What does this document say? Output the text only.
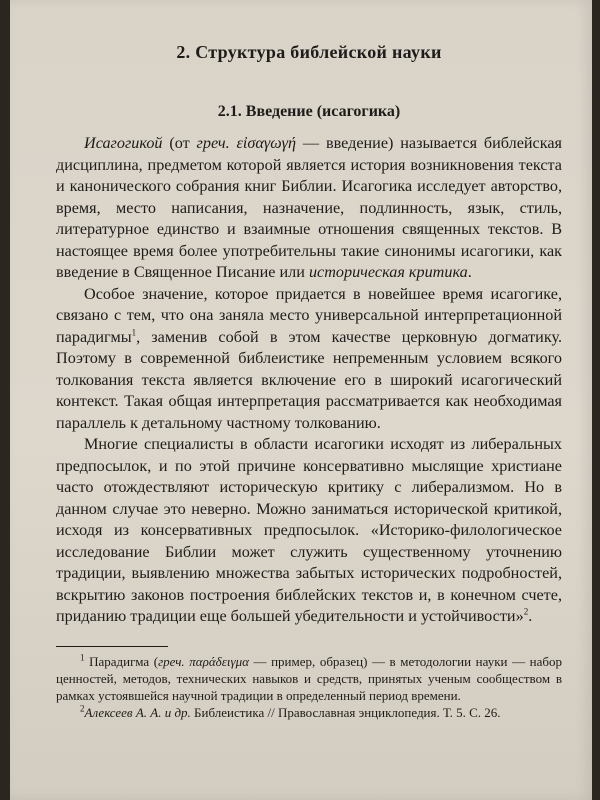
2. Структура библейской науки
2.1. Введение (исагогика)

Исагогикой (от греч. εἰσαγωγή — введение) называется библейская дисциплина, предметом которой является история возникновения текста и канонического собрания книг Библии. Исагогика исследует авторство, время, место написания, назначение, подлинность, язык, стиль, литературное единство и взаимные отношения священных текстов. В настоящее время более употребительны такие синонимы исагогики, как введение в Священное Писание или историческая критика.

Особое значение, которое придается в новейшее время исагогике, связано с тем, что она заняла место универсальной интерпретационной парадигмы$^1$, заменив собой в этом качестве церковную догматику. Поэтому в современной библеистике непременным условием всякого толкования текста является включение его в широкий исагогический контекст. Такая общая интерпретация рассматривается как необходимая параллель к детальному частному толкованию.

Многие специалисты в области исагогики исходят из либеральных предпосылок, и по этой причине консервативно мыслящие христиане часто отождествляют историческую критику с либерализмом. Но в данном случае это неверно. Можно заниматься исторической критикой, исходя из консервативных предпосылок. «Историко-филологическое исследование Библии может служить существенному уточнению традиции, выявлению множества забытых исторических подробностей, вскрытию законов построения библейских текстов и, в конечном счете, приданию традиции еще большей убедительности и устойчивости»$^2$.

$^1$ Парадигма (греч. παράδειγμα — пример, образец) — в методологии науки — набор ценностей, методов, технических навыков и средств, принятых ученым сообществом в рамках устоявшейся научной традиции в определенный период времени.

$^2$Алексеев А. А. и др. Библеистика // Православная энциклопедия. Т. 5. С. 26.
